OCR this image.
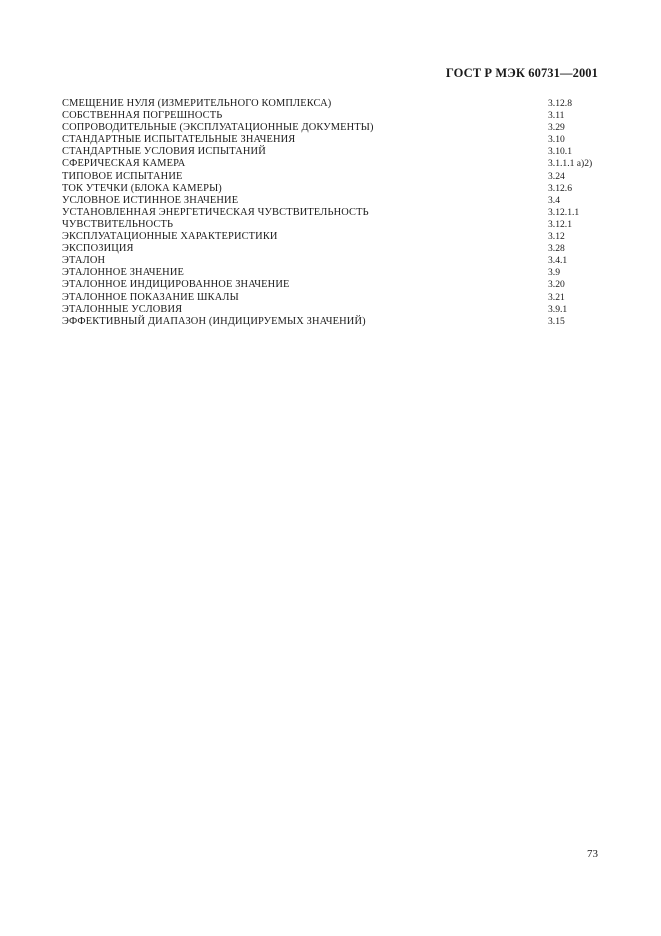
ГОСТ Р МЭК 60731—2001
СМЕЩЕНИЕ НУЛЯ (ИЗМЕРИТЕЛЬНОГО КОМПЛЕКСА)	3.12.8
СОБСТВЕННАЯ ПОГРЕШНОСТЬ	3.11
СОПРОВОДИТЕЛЬНЫЕ (ЭКСПЛУАТАЦИОННЫЕ ДОКУМЕНТЫ)	3.29
СТАНДАРТНЫЕ ИСПЫТАТЕЛЬНЫЕ ЗНАЧЕНИЯ	3.10
СТАНДАРТНЫЕ УСЛОВИЯ ИСПЫТАНИЙ	3.10.1
СФЕРИЧЕСКАЯ КАМЕРА	3.1.1.1 а)2)
ТИПОВОЕ ИСПЫТАНИЕ	3.24
ТОК УТЕЧКИ (БЛОКА КАМЕРЫ)	3.12.6
УСЛОВНОЕ ИСТИННОЕ ЗНАЧЕНИЕ	3.4
УСТАНОВЛЕННАЯ ЭНЕРГЕТИЧЕСКАЯ ЧУВСТВИТЕЛЬНОСТЬ	3.12.1.1
ЧУВСТВИТЕЛЬНОСТЬ	3.12.1
ЭКСПЛУАТАЦИОННЫЕ ХАРАКТЕРИСТИКИ	3.12
ЭКСПОЗИЦИЯ	3.28
ЭТАЛОН	3.4.1
ЭТАЛОННОЕ ЗНАЧЕНИЕ	3.9
ЭТАЛОННОЕ ИНДИЦИРОВАННОЕ ЗНАЧЕНИЕ	3.20
ЭТАЛОННОЕ ПОКАЗАНИЕ ШКАЛЫ	3.21
ЭТАЛОННЫЕ УСЛОВИЯ	3.9.1
ЭФФЕКТИВНЫЙ ДИАПАЗОН (ИНДИЦИРУЕМЫХ ЗНАЧЕНИЙ)	3.15
73
